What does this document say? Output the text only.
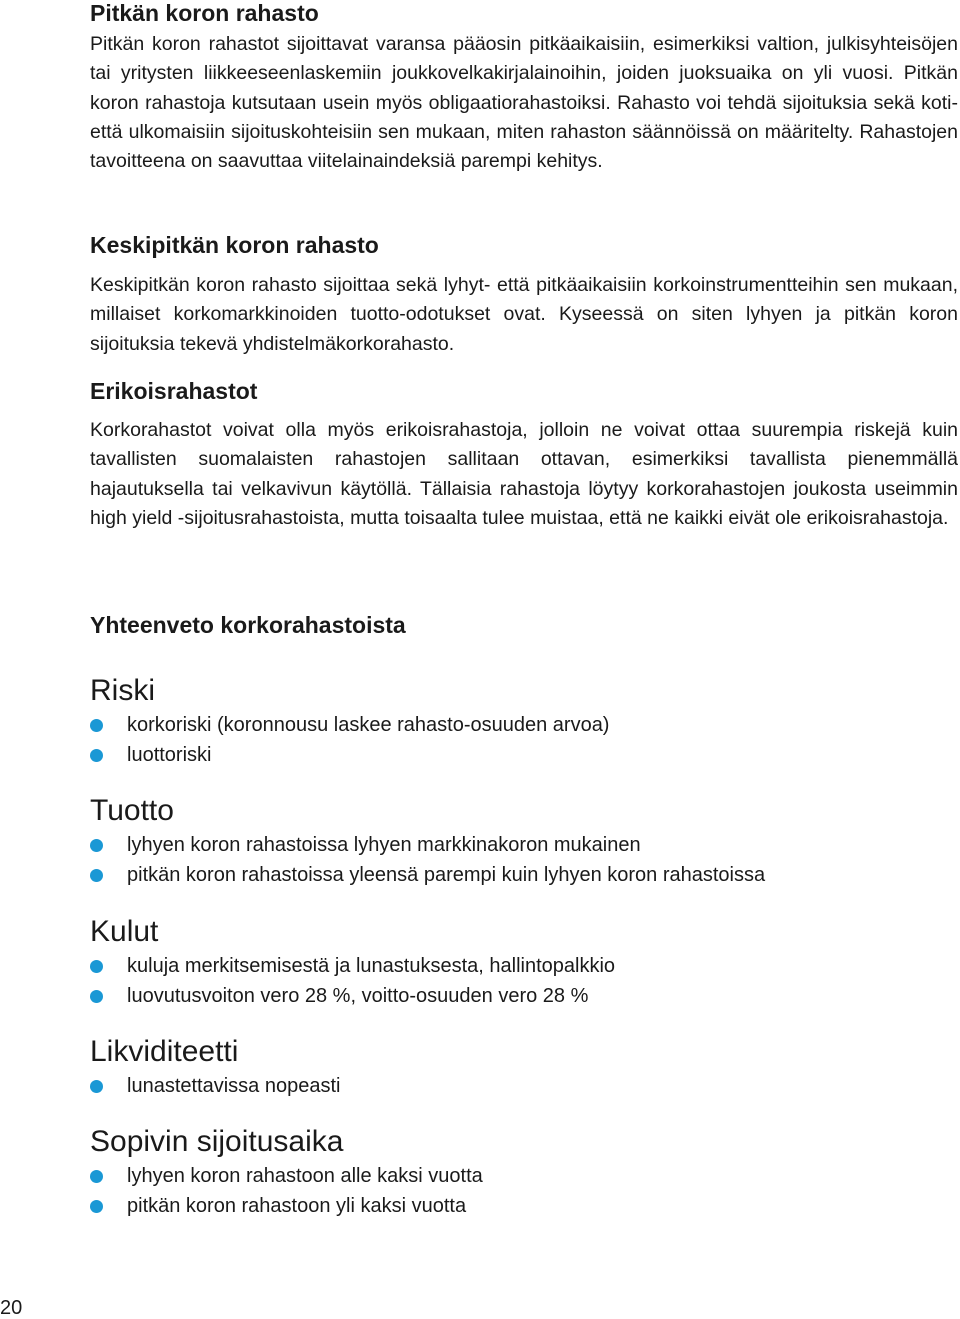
Pitkän koron rahasto

Pitkän koron rahastot sijoittavat varansa pääosin pitkäaikaisiin, esimerkiksi valtion, julkisyhteisöjen tai yritysten liikkeeseenlaskemiin joukkovelkakirjalainoihin, joiden juoksuaika on yli vuosi. Pitkän koron rahastoja kutsutaan usein myös obligaatiorahastoiksi. Rahasto voi tehdä sijoituksia sekä koti- että ulkomaisiin sijoituskohteisiin sen mukaan, miten rahaston säännöissä on määritelty. Rahastojen tavoitteena on saavuttaa viitelainaindeksiä parempi kehitys.

Keskipitkän koron rahasto

Keskipitkän koron rahasto sijoittaa sekä lyhyt- että pitkäaikaisiin korkoinstrumentteihin sen mukaan, millaiset korkomarkkinoiden tuotto-odotukset ovat. Kyseessä on siten lyhyen ja pitkän koron sijoituksia tekevä yhdistelmäkorkorahasto.

Erikoisrahastot

Korkorahastot voivat olla myös erikoisrahastoja, jolloin ne voivat ottaa suurempia riskejä kuin tavallisten suomalaisten rahastojen sallitaan ottavan, esimerkiksi tavallista pienemmällä hajautuksella tai velkavivun käytöllä. Tällaisia rahastoja löytyy korkorahastojen joukosta useimmin high yield -sijoitusrahastoista, mutta toisaalta tulee muistaa, että ne kaikki eivät ole erikoisrahastoja.

Yhteenveto korkorahastoista
Riski
korkoriski (koronnousu laskee rahasto-osuuden arvoa)
luottoriski
Tuotto
lyhyen koron rahastoissa lyhyen markkinakoron mukainen
pitkän koron rahastoissa yleensä parempi kuin lyhyen koron rahastoissa
Kulut
kuluja merkitsemisestä ja lunastuksesta, hallintopalkkio
luovutusvoiton vero 28 %, voitto-osuuden vero 28 %
Likviditeetti
lunastettavissa nopeasti
Sopivin sijoitusaika
lyhyen koron rahastoon alle kaksi vuotta
pitkän koron rahastoon yli kaksi vuotta
20
